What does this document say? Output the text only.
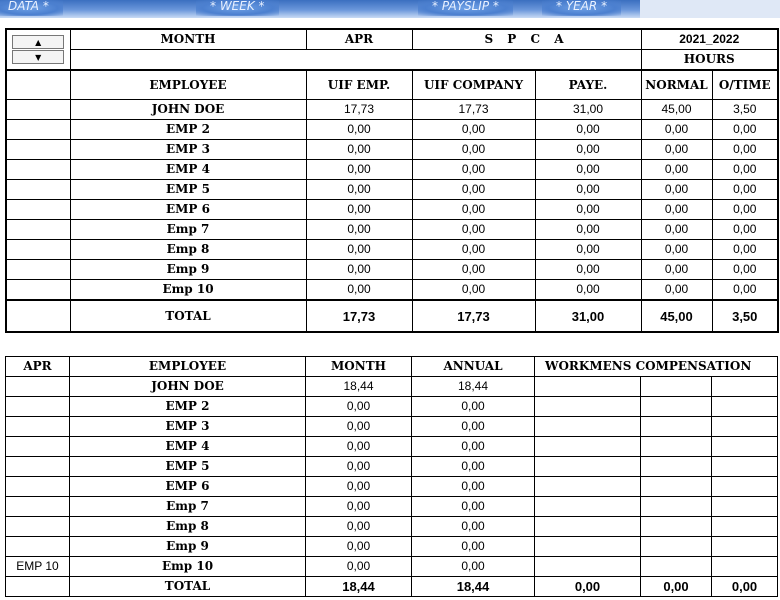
DATA *	* WEEK *	* PAYSLIP *	* YEAR *
▲
▼	MONTH	APR	S P C A		2021_2022	
					HOURS	
	EMPLOYEE	UIF EMP.	UIF COMPANY	PAYE.	NORMAL	O/TIME
	JOHN DOE	17,73	17,73	31,00	45,00	3,50
	EMP 2	0,00	0,00	0,00	0,00	0,00
	EMP 3	0,00	0,00	0,00	0,00	0,00
	EMP 4	0,00	0,00	0,00	0,00	0,00
	EMP 5	0,00	0,00	0,00	0,00	0,00
	EMP 6	0,00	0,00	0,00	0,00	0,00
	Emp 7	0,00	0,00	0,00	0,00	0,00
	Emp 8	0,00	0,00	0,00	0,00	0,00
	Emp 9	0,00	0,00	0,00	0,00	0,00
	Emp 10	0,00	0,00	0,00	0,00	0,00
	TOTAL	17,73	17,73	31,00	45,00	3,50
APR	EMPLOYEE	MONTH	ANNUAL	WORKMENS COMPENSATION		
	JOHN DOE	18,44	18,44			
	EMP 2	0,00	0,00			
	EMP 3	0,00	0,00			
	EMP 4	0,00	0,00			
	EMP 5	0,00	0,00			
	EMP 6	0,00	0,00			
	Emp 7	0,00	0,00			
	Emp 8	0,00	0,00			
	Emp 9	0,00	0,00			
EMP 10	Emp 10	0,00	0,00			
	TOTAL	18,44	18,44	0,00	0,00	0,00
